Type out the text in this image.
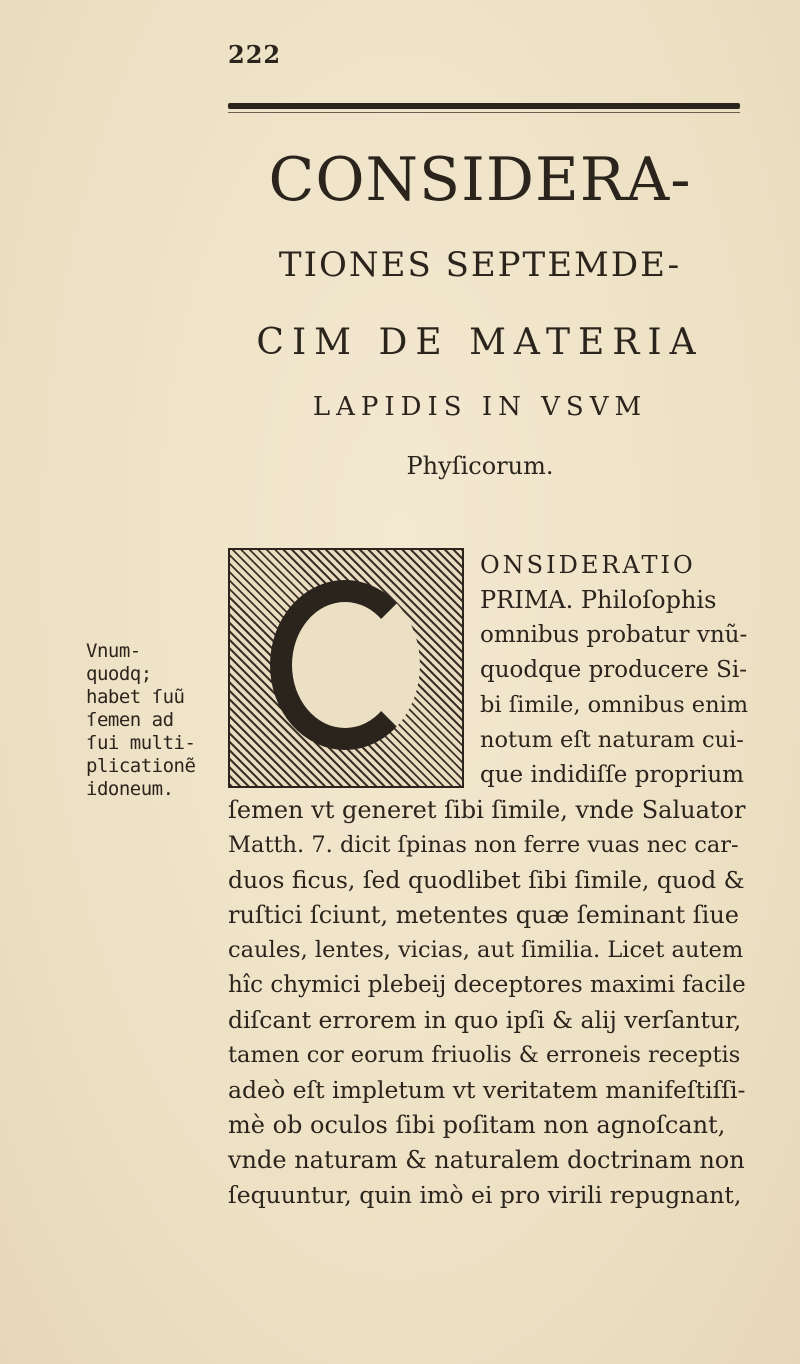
222
CONSIDERA-
TIONES SEPTEMDE-
CIM DE MATERIA
LAPIDIS IN VSVM
Phyſicorum.
Vnum-
quodq;
habet ſuũ
ſemen ad
ſui multi-
plicationẽ
idoneum.
ONSIDERATIO
PRIMA. Philoſophis
omnibus probatur vnũ-
quodque producere Si-
bi ſimile, omnibus enim
notum eſt naturam cui-
que indidiſſe proprium
ſemen vt generet ſibi ſimile, vnde Saluator
Matth. 7. dicit ſpinas non ferre vuas nec car-
duos ficus, ſed quodlibet ſibi ſimile, quod &
ruſtici ſciunt, metentes quæ ſeminant ſiue
caules, lentes, vicias, aut ſimilia. Licet autem
hîc chymici plebeij deceptores maximi facile
diſcant errorem in quo ipſi & alij verſantur,
tamen cor eorum friuolis & erroneis receptis
adeò eſt impletum vt veritatem manifeſtiſſi-
mè ob oculos ſibi poſitam non agnoſcant,
vnde naturam & naturalem doctrinam non
ſequuntur, quin imò ei pro virili repugnant,
